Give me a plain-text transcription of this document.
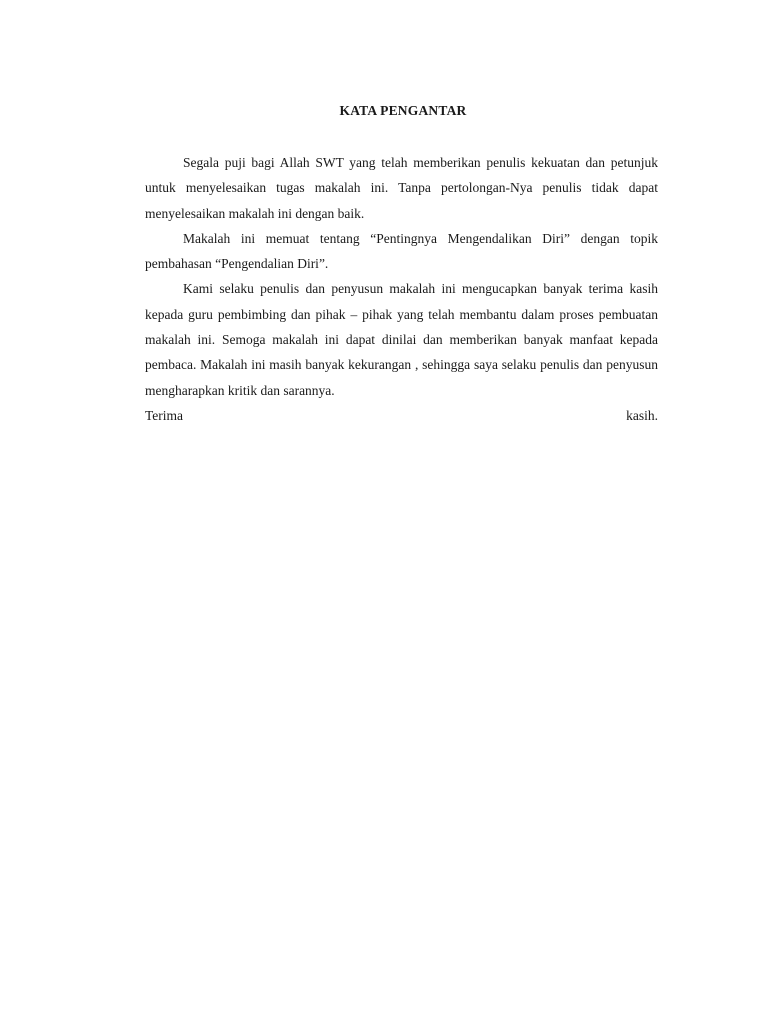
KATA PENGANTAR

Segala puji bagi Allah SWT yang telah memberikan penulis kekuatan dan petunjuk untuk menyelesaikan tugas makalah ini. Tanpa pertolongan-Nya penulis tidak dapat menyelesaikan makalah ini dengan baik.

Makalah ini memuat tentang “Pentingnya Mengendalikan Diri” dengan topik pembahasan “Pengendalian Diri”.

Kami selaku penulis dan penyusun makalah ini mengucapkan banyak terima kasih kepada guru pembimbing dan pihak – pihak yang telah membantu dalam proses pembuatan makalah ini. Semoga makalah ini dapat dinilai dan memberikan banyak manfaat kepada pembaca. Makalah ini masih banyak kekurangan , sehingga saya selaku penulis dan penyusun mengharapkan kritik dan sarannya.

Terima	kasih.
